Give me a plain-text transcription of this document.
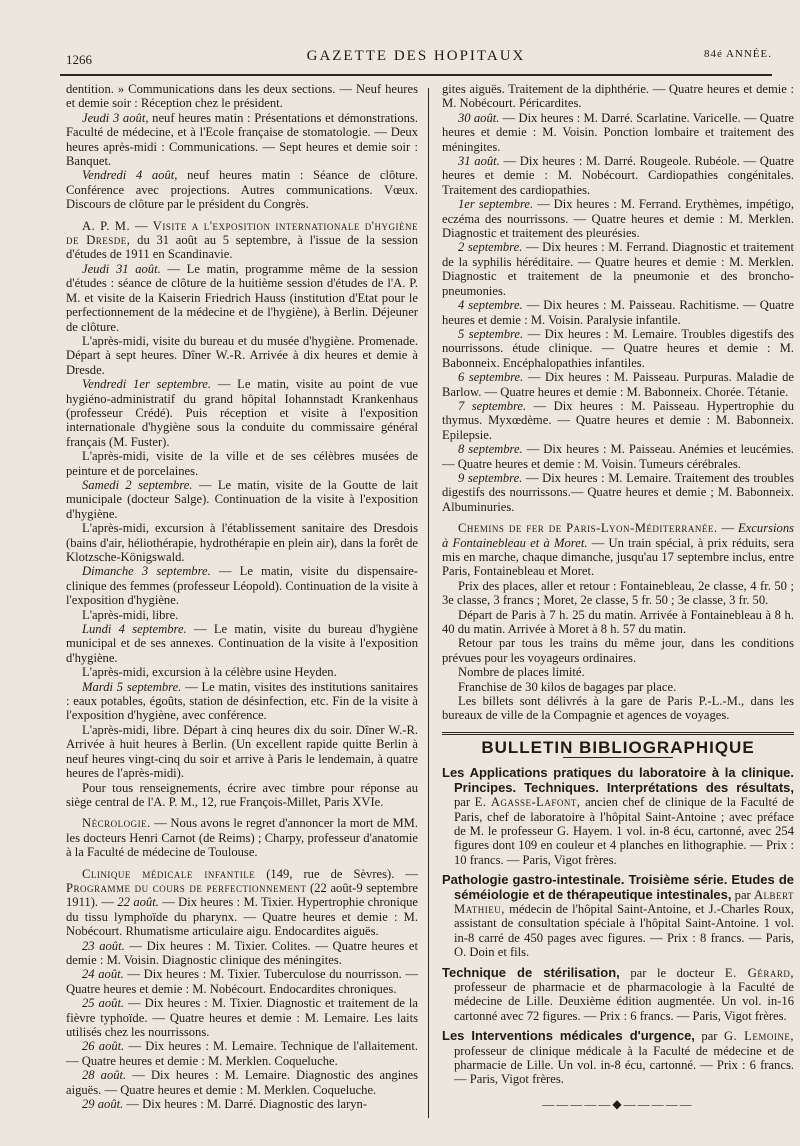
1266	GAZETTE DES HOPITAUX	84é ANNÉE.

dentition. » Communications dans les deux sections. — Neuf heures et demie soir : Réception chez le président.

Jeudi 3 août, neuf heures matin : Présentations et démonstrations. Faculté de médecine, et à l'Ecole française de stomatologie. — Deux heures après-midi : Communications. — Sept heures et demie soir : Banquet.

Vendredi 4 août, neuf heures matin : Séance de clôture. Conférence avec projections. Autres communications. Vœux. Discours de clôture par le président du Congrès.

A. P. M. — Visite a l'exposition internationale d'hygiène de Dresde, du 31 août au 5 septembre, à l'issue de la session d'études de 1911 en Scandinavie.

Jeudi 31 août. — Le matin, programme même de la session d'études : séance de clôture de la huitième session d'études de l'A. P. M. et visite de la Kaiserin Friedrich Hauss (institution d'Etat pour le perfectionnement de la médecine et de l'hygiène), à Berlin. Déjeuner de clôture.

L'après-midi, visite du bureau et du musée d'hygiène. Promenade. Départ à sept heures. Dîner W.-R. Arrivée à dix heures et demie à Dresde.

Vendredi 1er septembre. — Le matin, visite au point de vue hygiéno-administratif du grand hôpital Iohannstadt Krankenhaus (professeur Crédé). Puis réception et visite à l'exposition internationale d'hygiène sous la conduite du commissaire général français (M. Fuster).

L'après-midi, visite de la ville et de ses célèbres musées de peinture et de porcelaines.

Samedi 2 septembre. — Le matin, visite de la Goutte de lait municipale (docteur Salge). Continuation de la visite à l'exposition d'hygiène.

L'après-midi, excursion à l'établissement sanitaire des Dresdois (bains d'air, héliothérapie, hydrothérapie en plein air), dans la forêt de Klotzsche-Königswald.

Dimanche 3 septembre. — Le matin, visite du dispensaire-clinique des femmes (professeur Léopold). Continuation de la visite à l'exposition d'hygiène.

L'après-midi, libre.

Lundi 4 septembre. — Le matin, visite du bureau d'hygiène municipal et de ses annexes. Continuation de la visite à l'exposition d'hygiène.

L'après-midi, excursion à la célèbre usine Heyden.

Mardi 5 septembre. — Le matin, visites des institutions sanitaires : eaux potables, égoûts, station de désinfection, etc. Fin de la visite à l'exposition d'hygiène, avec conférence.

L'après-midi, libre. Départ à cinq heures dix du soir. Dîner W.-R. Arrivée à huit heures à Berlin. (Un excellent rapide quitte Berlin à neuf heures vingt-cinq du soir et arrive à Paris le lendemain, à quatre heures de l'après-midi).

Pour tous renseignements, écrire avec timbre pour réponse au siège central de l'A. P. M., 12, rue François-Millet, Paris XVIe.

Nécrologie. — Nous avons le regret d'annoncer la mort de MM. les docteurs Henri Carnot (de Reims) ; Charpy, professeur d'anatomie à la Faculté de médecine de Toulouse.

Clinique médicale infantile (149, rue de Sèvres). — Programme du cours de perfectionnement (22 août-9 septembre 1911). — 22 août. — Dix heures : M. Tixier. Hypertrophie chronique du tissu lymphoïde du pharynx. — Quatre heures et demie : M. Nobécourt. Rhumatisme articulaire aigu. Endocardites aiguës.

23 août. — Dix heures : M. Tixier. Colites. — Quatre heures et demie : M. Voisin. Diagnostic clinique des méningites.

24 août. — Dix heures : M. Tixier. Tuberculose du nourrisson. — Quatre heures et demie : M. Nobécourt. Endocardites chroniques.

25 août. — Dix heures : M. Tixier. Diagnostic et traitement de la fièvre typhoïde. — Quatre heures et demie : M. Lemaire. Les laits utilisés chez les nourrissons.

26 août. — Dix heures : M. Lemaire. Technique de l'allaitement. — Quatre heures et demie : M. Merklen. Coqueluche.

28 août. — Dix heures : M. Lemaire. Diagnostic des angines aiguës. — Quatre heures et demie : M. Merklen. Coqueluche.

29 août. — Dix heures : M. Darré. Diagnostic des laryn-

gites aiguës. Traitement de la diphthérie. — Quatre heures et demie : M. Nobécourt. Péricardites.

30 août. — Dix heures : M. Darré. Scarlatine. Varicelle. — Quatre heures et demie : M. Voisin. Ponction lombaire et traitement des méningites.

31 août. — Dix heures : M. Darré. Rougeole. Rubéole. — Quatre heures et demie : M. Nobécourt. Cardiopathies congénitales. Traitement des cardiopathies.

1er septembre. — Dix heures : M. Ferrand. Erythèmes, impétigo, eczéma des nourrissons. — Quatre heures et demie : M. Merklen. Diagnostic et traitement des pleurésies.

2 septembre. — Dix heures : M. Ferrand. Diagnostic et traitement de la syphilis héréditaire. — Quatre heures et demie : M. Merklen. Diagnostic et traitement de la pneumonie et des broncho-pneumonies.

4 septembre. — Dix heures : M. Paisseau. Rachitisme. — Quatre heures et demie : M. Voisin. Paralysie infantile.

5 septembre. — Dix heures : M. Lemaire. Troubles digestifs des nourrissons. étude clinique. — Quatre heures et demie : M. Babonneix. Encéphalopathies infantiles.

6 septembre. — Dix heures : M. Paisseau. Purpuras. Maladie de Barlow. — Quatre heures et demie : M. Babonneix. Chorée. Tétanie.

7 septembre. — Dix heures : M. Paisseau. Hypertrophie du thymus. Myxœdème. — Quatre heures et demie : M. Babonneix. Epilepsie.

8 septembre. — Dix heures : M. Paisseau. Anémies et leucémies. — Quatre heures et demie : M. Voisin. Tumeurs cérébrales.

9 septembre. — Dix heures : M. Lemaire. Traitement des troubles digestifs des nourrissons.— Quatre heures et demie ; M. Babonneix. Albuminuries.

Chemins de fer de Paris-Lyon-Méditerranée. — Excursions à Fontainebleau et à Moret. — Un train spécial, à prix réduits, sera mis en marche, chaque dimanche, jusqu'au 17 septembre inclus, entre Paris, Fontainebleau et Moret.

Prix des places, aller et retour : Fontainebleau, 2e classe, 4 fr. 50 ; 3e classe, 3 francs ; Moret, 2e classe, 5 fr. 50 ; 3e classe, 3 fr. 50.

Départ de Paris à 7 h. 25 du matin. Arrivée à Fontainebleau à 8 h. 40 du matin. Arrivée à Moret à 8 h. 57 du matin.

Retour par tous les trains du même jour, dans les conditions prévues pour les voyageurs ordinaires.

Nombre de places limité.

Franchise de 30 kilos de bagages par place.

Les billets sont délivrés à la gare de Paris P.-L.-M., dans les bureaux de ville de la Compagnie et agences de voyages.

BULLETIN BIBLIOGRAPHIQUE

Les Applications pratiques du laboratoire à la clinique. Principes. Techniques. Interprétations des résultats, par E. Agasse-Lafont, ancien chef de clinique de la Faculté de Paris, chef de laboratoire à l'hôpital Saint-Antoine ; avec préface de M. le professeur G. Hayem. 1 vol. in-8 écu, cartonné, avec 254 figures dont 109 en couleur et 4 planches en lithographie. — Prix : 10 francs. — Paris, Vigot frères.

Pathologie gastro-intestinale. Troisième série. Etudes de séméiologie et de thérapeutique intestinales, par Albert Mathieu, médecin de l'hôpital Saint-Antoine, et J.-Charles Roux, assistant de consultation spéciale à l'hôpital Saint-Antoine. 1 vol. in-8 carré de 450 pages avec figures. — Prix : 8 francs. — Paris, O. Doin et fils.

Technique de stérilisation, par le docteur E. Gérard, professeur de pharmacie et de pharmacologie à la Faculté de médecine de Lille. Deuxième édition augmentée. Un vol. in-16 cartonné avec 72 figures. — Prix : 6 francs. — Paris, Vigot frères.

Les Interventions médicales d'urgence, par G. Lemoine, professeur de clinique médicale à la Faculté de médecine et de pharmacie de Lille. Un vol. in-8 écu, cartonné. — Prix : 6 francs. — Paris, Vigot frères.

—————◆—————
